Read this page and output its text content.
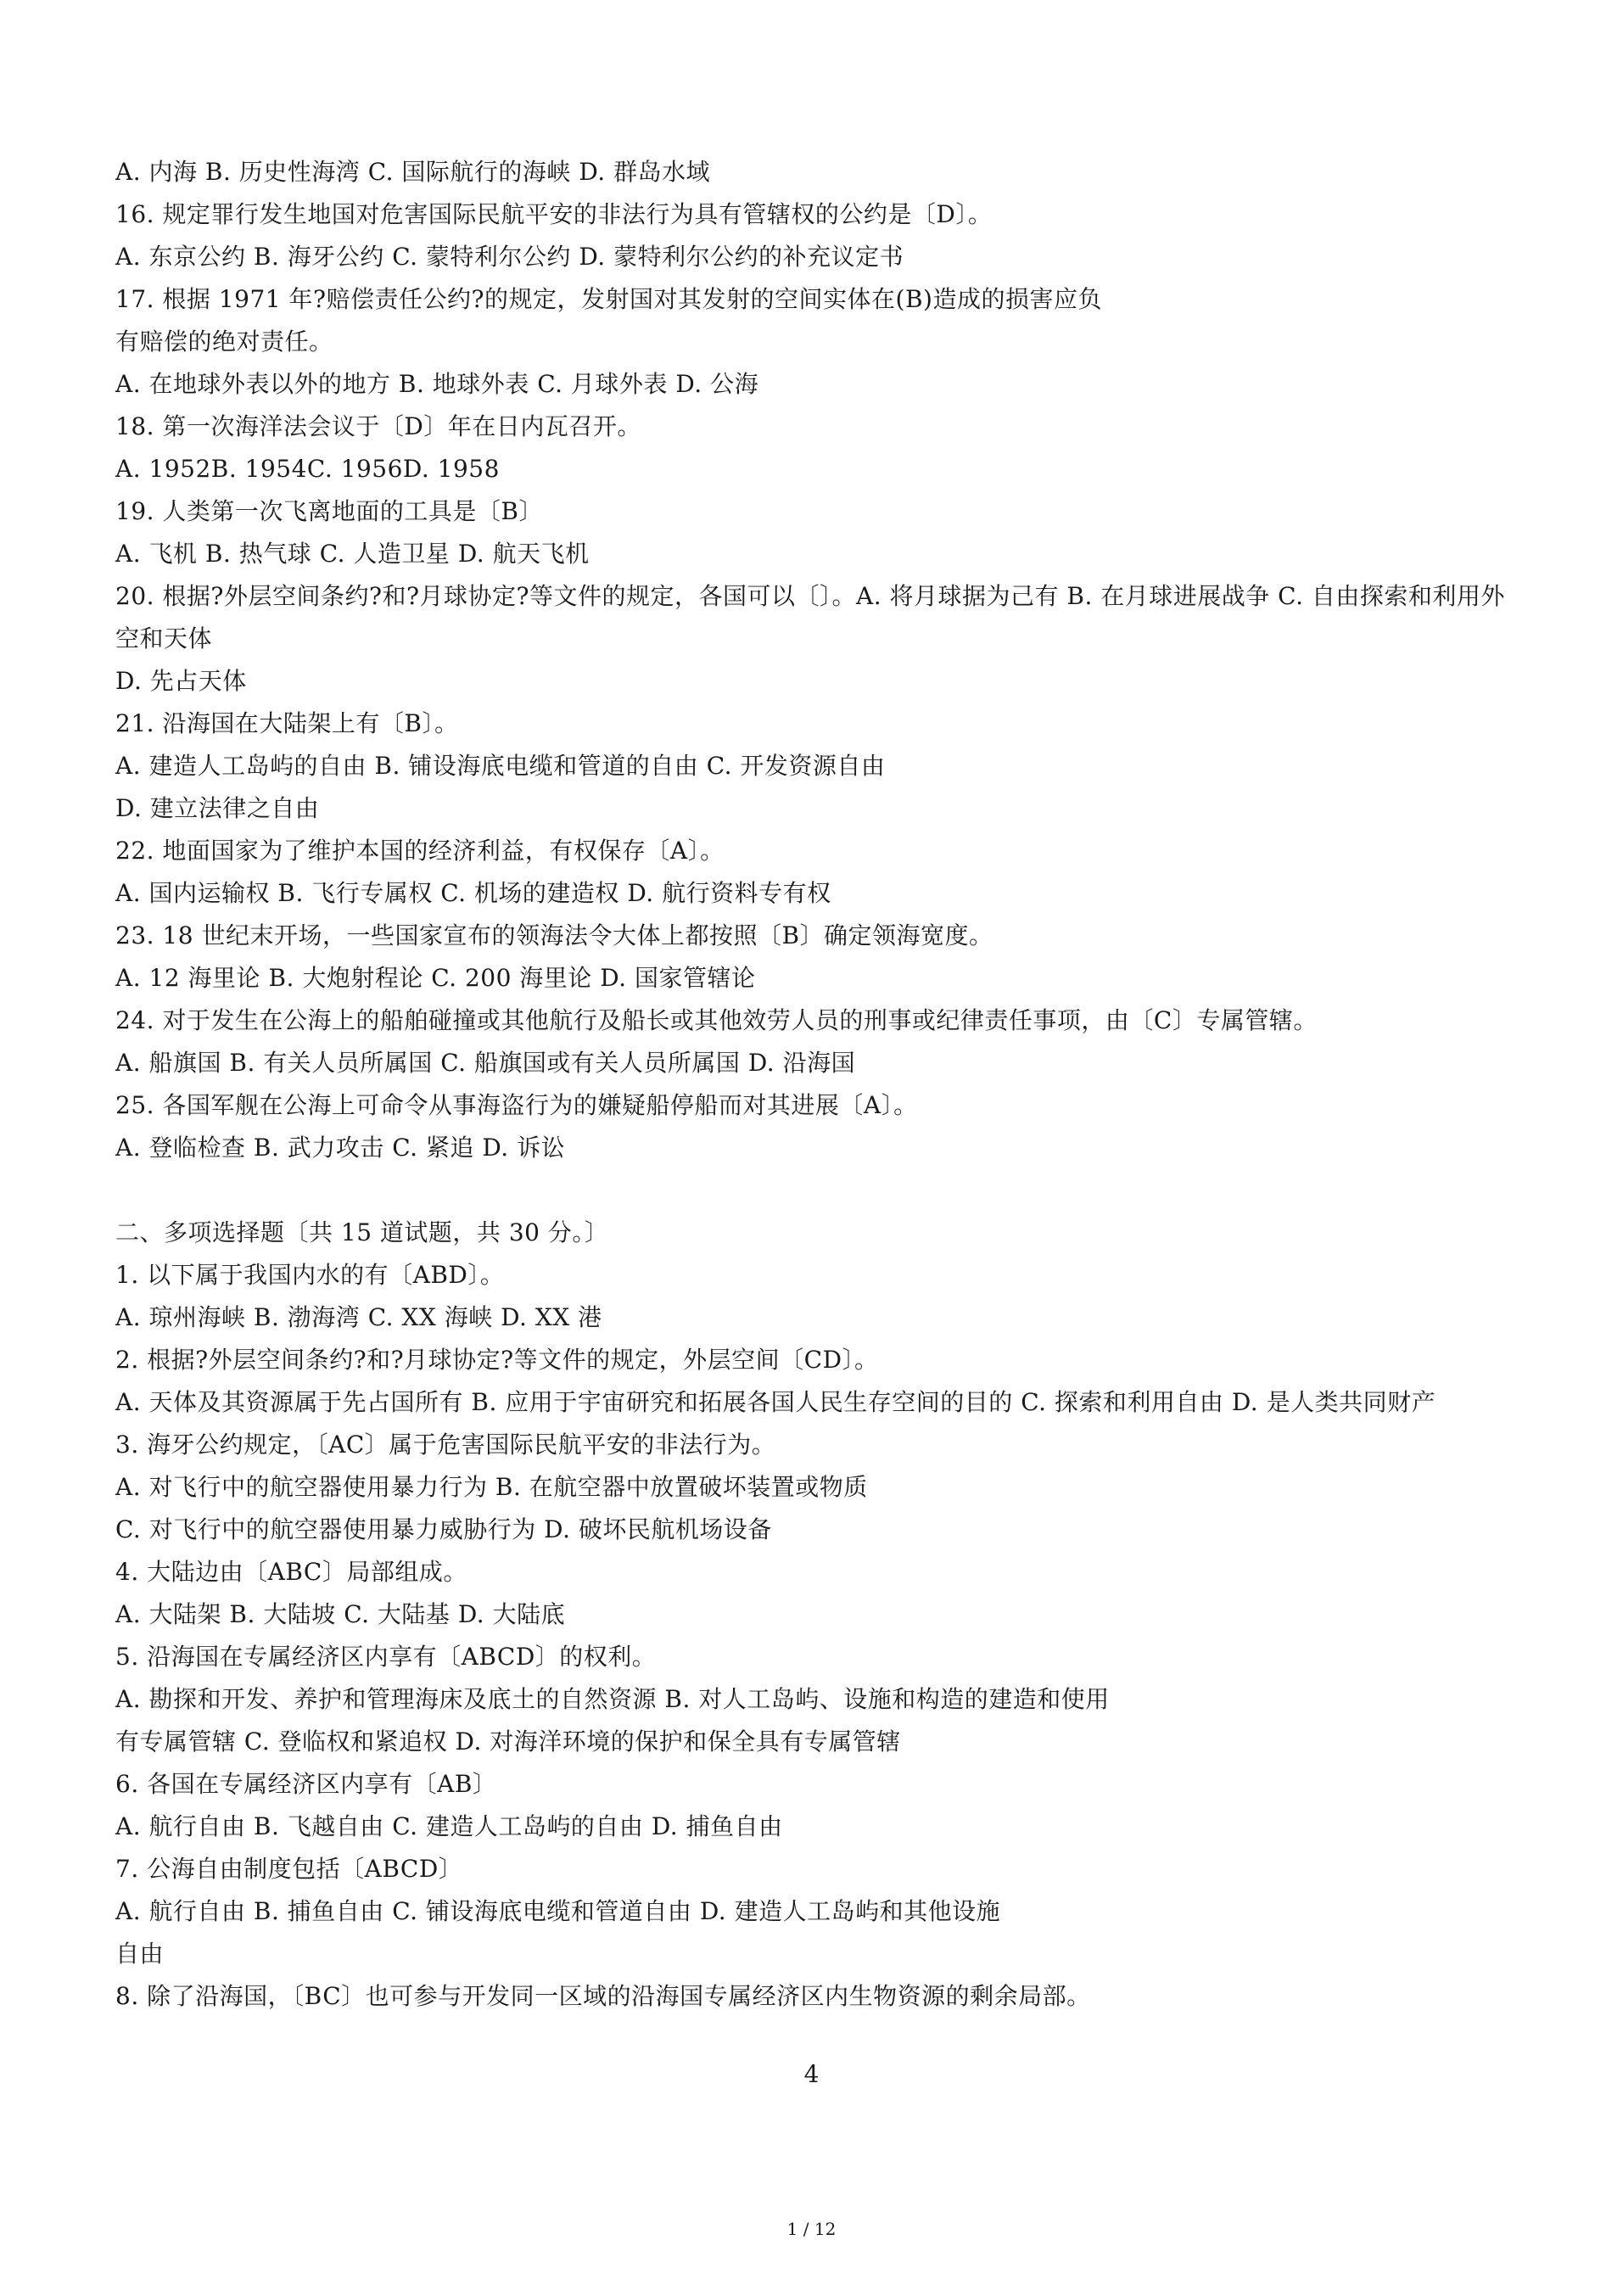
A. 内海 B. 历史性海湾 C. 国际航行的海峡 D. 群岛水域
16. 规定罪行发生地国对危害国际民航平安的非法行为具有管辖权的公约是〔D〕。
A. 东京公约 B. 海牙公约 C. 蒙特利尔公约 D. 蒙特利尔公约的补充议定书
17. 根据 1971 年?赔偿责任公约?的规定，发射国对其发射的空间实体在(B)造成的损害应负
有赔偿的绝对责任。
A. 在地球外表以外的地方 B. 地球外表 C. 月球外表 D. 公海
18. 第一次海洋法会议于〔D〕年在日内瓦召开。
A. 1952B. 1954C. 1956D. 1958
19. 人类第一次飞离地面的工具是〔B〕
A. 飞机 B. 热气球 C. 人造卫星 D. 航天飞机
20. 根据?外层空间条约?和?月球协定?等文件的规定，各国可以〔〕。A. 将月球据为己有 B. 在月球进展战争 C. 自由探索和利用外
空和天体
D. 先占天体
21. 沿海国在大陆架上有〔B〕。
A. 建造人工岛屿的自由 B. 铺设海底电缆和管道的自由 C. 开发资源自由
D. 建立法律之自由
22. 地面国家为了维护本国的经济利益，有权保存〔A〕。
A. 国内运输权 B. 飞行专属权 C. 机场的建造权 D. 航行资料专有权
23. 18 世纪末开场，一些国家宣布的领海法令大体上都按照〔B〕确定领海宽度。
A. 12 海里论 B. 大炮射程论 C. 200 海里论 D. 国家管辖论
24. 对于发生在公海上的船舶碰撞或其他航行及船长或其他效劳人员的刑事或纪律责任事项，由〔C〕专属管辖。
A. 船旗国 B. 有关人员所属国 C. 船旗国或有关人员所属国 D. 沿海国
25. 各国军舰在公海上可命令从事海盗行为的嫌疑船停船而对其进展〔A〕。
A. 登临检查 B. 武力攻击 C. 紧追 D. 诉讼
二、多项选择题〔共 15 道试题，共 30 分。〕
1. 以下属于我国内水的有〔ABD〕。
A. 琼州海峡 B. 渤海湾 C. XX 海峡 D. XX 港
2. 根据?外层空间条约?和?月球协定?等文件的规定，外层空间〔CD〕。
A. 天体及其资源属于先占国所有 B. 应用于宇宙研究和拓展各国人民生存空间的目的 C. 探索和利用自由 D. 是人类共同财产
3. 海牙公约规定，〔AC〕属于危害国际民航平安的非法行为。
A. 对飞行中的航空器使用暴力行为 B. 在航空器中放置破坏装置或物质
C. 对飞行中的航空器使用暴力威胁行为 D. 破坏民航机场设备
4. 大陆边由〔ABC〕局部组成。
A. 大陆架 B. 大陆坡 C. 大陆基 D. 大陆底
5. 沿海国在专属经济区内享有〔ABCD〕的权利。
A. 勘探和开发、养护和管理海床及底土的自然资源 B. 对人工岛屿、设施和构造的建造和使用
有专属管辖 C. 登临权和紧追权 D. 对海洋环境的保护和保全具有专属管辖
6. 各国在专属经济区内享有〔AB〕
A. 航行自由 B. 飞越自由 C. 建造人工岛屿的自由 D. 捕鱼自由
7. 公海自由制度包括〔ABCD〕
A. 航行自由 B. 捕鱼自由 C. 铺设海底电缆和管道自由 D. 建造人工岛屿和其他设施
自由
8. 除了沿海国，〔BC〕也可参与开发同一区域的沿海国专属经济区内生物资源的剩余局部。
4
1 / 12
